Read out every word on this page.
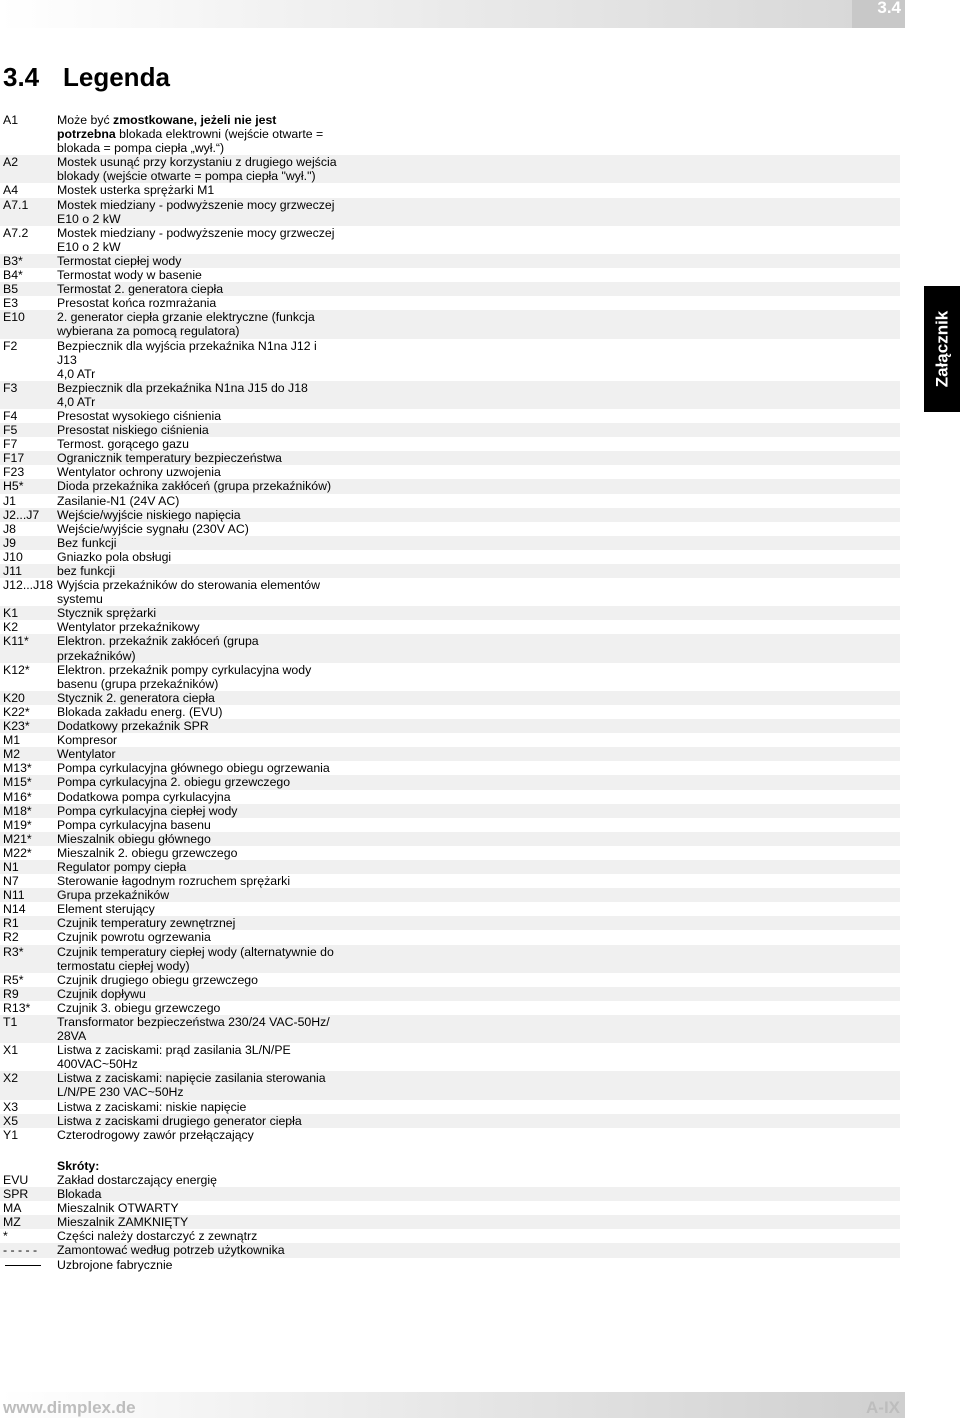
3.4
3.4 Legenda
A1	Może być zmostkowane, jeżeli nie jest
potrzebna blokada elektrowni (wejście otwarte =
blokada = pompa ciepła „wył.“)
A2	Mostek usunąć przy korzystaniu z drugiego wejścia
blokady (wejście otwarte = pompa ciepła "wył.")
A4	Mostek usterka sprężarki M1
A7.1	Mostek miedziany - podwyższenie mocy grzweczej
E10 o 2 kW
A7.2	Mostek miedziany - podwyższenie mocy grzweczej
E10 o 2 kW
B3*	Termostat ciepłej wody
B4*	Termostat wody w basenie
B5	Termostat 2. generatora ciepła
E3	Presostat końca rozmrażania
E10	2. generator ciepła grzanie elektryczne (funkcja
wybierana za pomocą regulatora)
F2	Bezpiecznik dla wyjścia przekaźnika N1na J12 i
J13
4,0 ATr
F3	Bezpiecznik dla przekaźnika N1na J15 do J18
4,0 ATr
F4	Presostat wysokiego ciśnienia
F5	Presostat niskiego ciśnienia
F7	Termost. gorącego gazu
F17	Ogranicznik temperatury bezpieczeństwa
F23	Wentylator ochrony uzwojenia
H5*	Dioda przekaźnika zakłóceń (grupa przekaźników)
J1	Zasilanie-N1 (24V AC)
J2...J7	Wejście/wyjście niskiego napięcia
J8	Wejście/wyjście sygnału (230V AC)
J9	Bez funkcji
J10	Gniazko pola obsługi
J11	bez funkcji
J12...J18 Wyjścia przekaźników do sterowania elementów
systemu
K1	Stycznik sprężarki
K2	Wentylator przekaźnikowy
K11*	Elektron. przekaźnik zakłóceń (grupa
przekaźników)
K12*	Elektron. przekaźnik pompy cyrkulacyjna wody
basenu (grupa przekaźników)
K20	Stycznik 2. generatora ciepła
K22*	Blokada zakładu energ. (EVU)
K23*	Dodatkowy przekaźnik SPR
M1	Kompresor
M2	Wentylator
M13*	Pompa cyrkulacyjna głównego obiegu ogrzewania
M15*	Pompa cyrkulacyjna 2. obiegu grzewczego
M16*	Dodatkowa pompa cyrkulacyjna
M18*	Pompa cyrkulacyjna ciepłej wody
M19*	Pompa cyrkulacyjna basenu
M21*	Mieszalnik obiegu głównego
M22*	Mieszalnik 2. obiegu grzewczego
N1	Regulator pompy ciepła
N7	Sterowanie łagodnym rozruchem sprężarki
N11	Grupa przekaźników
N14	Element sterujący
R1	Czujnik temperatury zewnętrznej
R2	Czujnik powrotu ogrzewania
R3*	Czujnik temperatury ciepłej wody (alternatywnie do
termostatu ciepłej wody)
R5*	Czujnik drugiego obiegu grzewczego
R9	Czujnik dopływu
R13*	Czujnik 3. obiegu grzewczego
T1	Transformator bezpieczeństwa 230/24 VAC-50Hz/
28VA
X1	Listwa z zaciskami: prąd zasilania 3L/N/PE
400VAC~50Hz
X2	Listwa z zaciskami: napięcie zasilania sterowania
L/N/PE 230 VAC~50Hz
X3	Listwa z zaciskami: niskie napięcie
X5	Listwa z zaciskami drugiego generator ciepła
Y1	Czterodrogowy zawór przełączający
Skróty:
EVU	Zakład dostarczający energię
SPR	Blokada
MA	Mieszalnik OTWARTY
MZ	Mieszalnik ZAMKNIĘTY
*	Części należy dostarczyć z zewnątrz
- - - - -	Zamontować według potrzeb użytkownika
Uzbrojone fabrycznie
Załącznik
www.dimplex.de	A-IX
